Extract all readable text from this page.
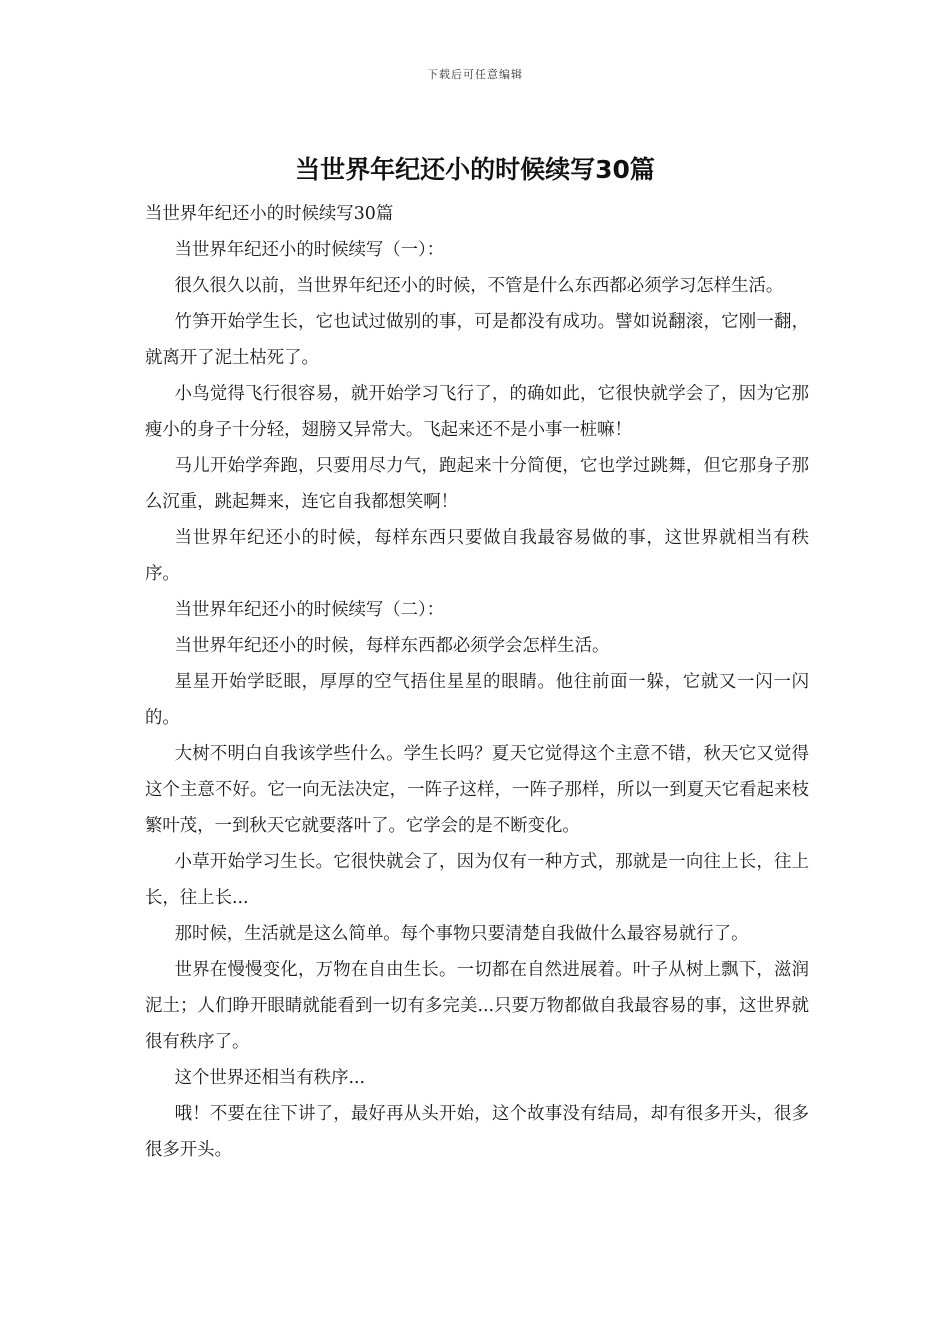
下载后可任意编辑
当世界年纪还小的时候续写30篇

当世界年纪还小的时候续写30篇

当世界年纪还小的时候续写（一）：

很久很久以前，当世界年纪还小的时候，不管是什么东西都必须学习怎样生活。

竹笋开始学生长，它也试过做别的事，可是都没有成功。譬如说翻滚，它刚一翻，就离开了泥土枯死了。

小鸟觉得飞行很容易，就开始学习飞行了，的确如此，它很快就学会了，因为它那瘦小的身子十分轻，翅膀又异常大。飞起来还不是小事一桩嘛！

马儿开始学奔跑，只要用尽力气，跑起来十分简便，它也学过跳舞，但它那身子那么沉重，跳起舞来，连它自我都想笑啊！

当世界年纪还小的时候，每样东西只要做自我最容易做的事，这世界就相当有秩序。

当世界年纪还小的时候续写（二）：

当世界年纪还小的时候，每样东西都必须学会怎样生活。

星星开始学眨眼，厚厚的空气捂住星星的眼睛。他往前面一躲，它就又一闪一闪的。

大树不明白自我该学些什么。学生长吗？夏天它觉得这个主意不错，秋天它又觉得这个主意不好。它一向无法决定，一阵子这样，一阵子那样，所以一到夏天它看起来枝繁叶茂，一到秋天它就要落叶了。它学会的是不断变化。

小草开始学习生长。它很快就会了，因为仅有一种方式，那就是一向往上长，往上长，往上长...

那时候，生活就是这么简单。每个事物只要清楚自我做什么最容易就行了。

世界在慢慢变化，万物在自由生长。一切都在自然进展着。叶子从树上飘下，滋润泥土；人们睁开眼睛就能看到一切有多完美...只要万物都做自我最容易的事，这世界就很有秩序了。

这个世界还相当有秩序...

哦！不要在往下讲了，最好再从头开始，这个故事没有结局，却有很多开头，很多很多开头。
